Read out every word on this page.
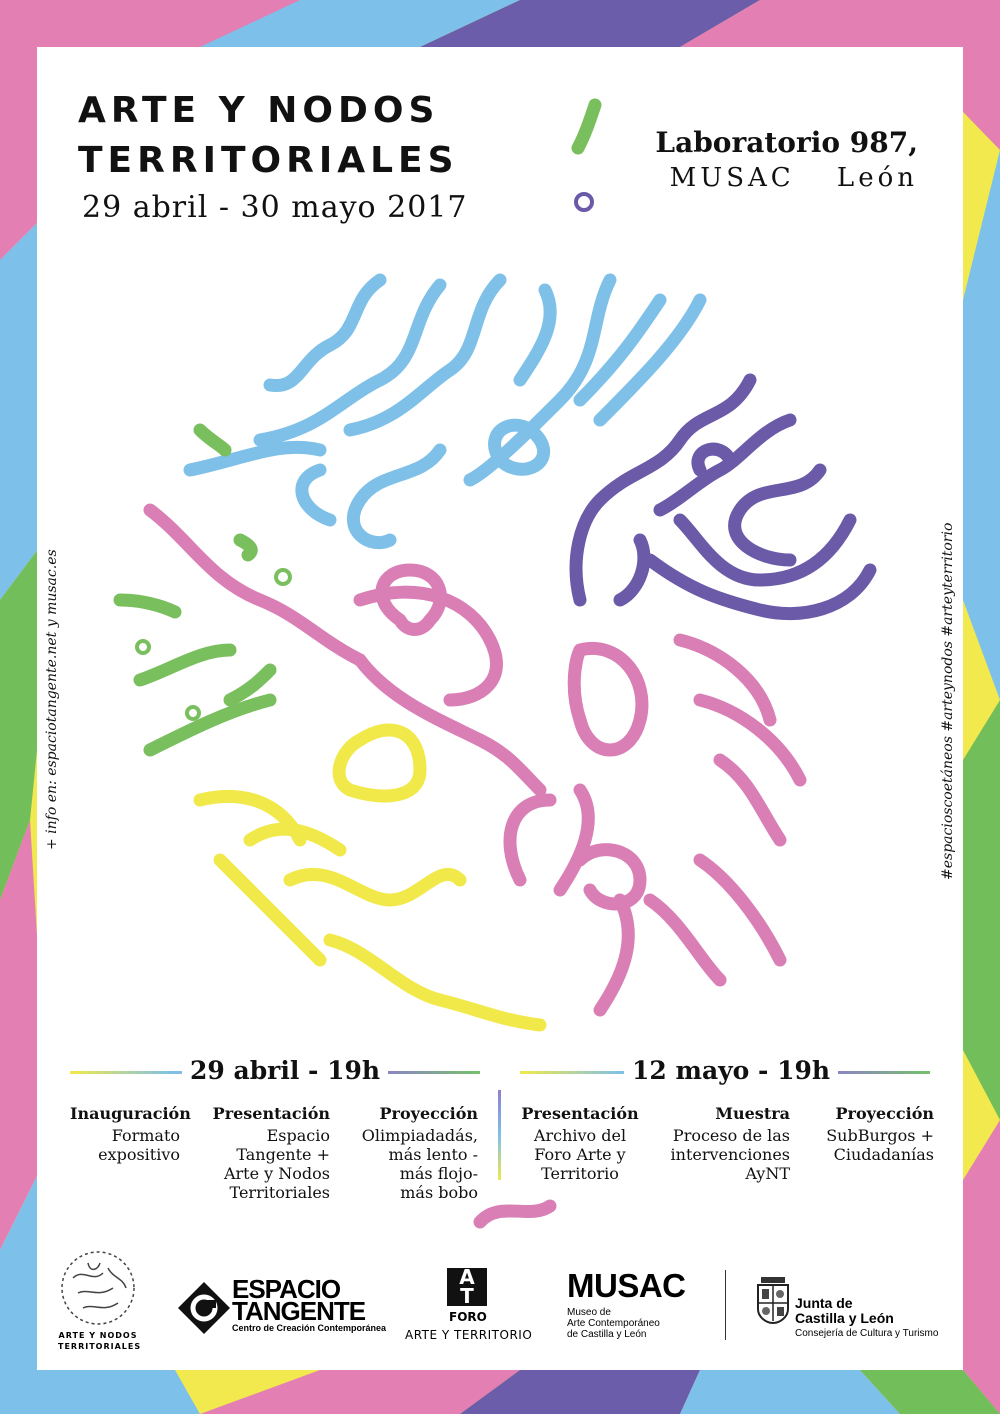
ARTE Y NODOS
TERRITORIALES
29 abril - 30 mayo 2017
Laboratorio 987,
MUSAC León
+ info en: espaciotangente.net y musac.es	#espacioscoetáneos #arteynodos #arteyterritorio
29 abril - 19h	12 mayo - 19h
Inauguración
Formato
expositivo
Presentación
Espacio
Tangente +
Arte y Nodos
Territoriales
Proyección
Olimpiadadás,
más lento -
más flojo-
más bobo
Presentación
Archivo del
Foro Arte y
Territorio
Muestra
Proceso de las
intervenciones
AyNT
Proyección
SubBurgos +
Ciudadanías
ARTE Y NODOS
TERRITORIALES
ESPACIO
TANGENTE
Centro de Creación Contemporánea
A
T
FORO
ARTE Y TERRITORIO
MUSAC
Museo de
Arte Contemporáneo
de Castilla y León
Junta de
Castilla y León
Consejería de Cultura y Turismo
